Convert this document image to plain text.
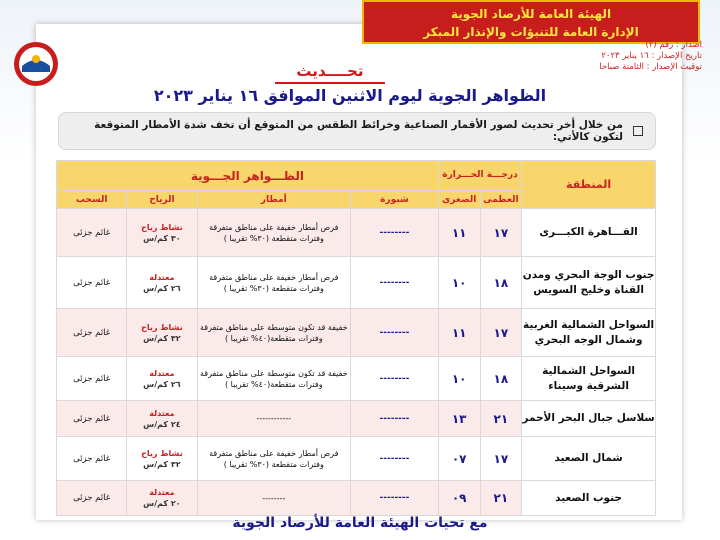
الهيئة العامة للأرصاد الجوية
الإدارة العامة للتنبؤات والإنذار المبكر
اصدار : رقم (٢)
تاريخ الإصدار : ١٦ يناير ٢٠٢٣
توقيت الإصدار : الثامنة صباحا
تحــــديث
الظواهر الجوية ليوم الاثنين الموافق ١٦ يناير ٢٠٢٣
من خلال أخر تحديث لصور الأقمار الصناعية وخرائط الطقس من المتوقع أن تخف شدة الأمطار المتوقعة لتكون كالأتي:
المنطقة	درجـــة الحـــرارة		الظـــواهر الجـــوية			
	العظمى	الصغرى	شبورة	أمطار	الرياح	السحب
القـــاهرة الكبـــرى	١٧	١١	--------	فرص أمطار خفيفة على مناطق متفرقة وفترات متقطعة (٣٠% تقريبا )	نشاط رياح
٣٠ كم/س	غائم جزئى
جنوب الوجة البحري ومدن القناة وخليج السويس	١٨	١٠	--------	فرص أمطار خفيفة على مناطق متفرقة وفترات متقطعة (٣٠% تقريبا )	معتدلة
٢٦ كم/س	غائم جزئى
السواحل الشمالية الغربية وشمال الوجه البحري	١٧	١١	--------	خفيفة قد تكون متوسطة على مناطق متفرقة وفترات متقطعة(٤٠% تقريبا )	نشاط رياح
٣٢ كم/س	غائم جزئى
السواحل الشمالية الشرقية وسيناء	١٨	١٠	--------	خفيفة قد تكون متوسطة على مناطق متفرقة وفترات متقطعة(٤٠% تقريبا )	معتدلة
٢٦ كم/س	غائم جزئى
سلاسل جبال البحر الأحمر	٢١	١٣	--------	------------	معتدلة
٢٤ كم/س	غائم جزئى
شمال الصعيد	١٧	٠٧	--------	فرص أمطار خفيفة على مناطق متفرقة وفترات متقطعة (٣٠% تقريبا )	نشاط رياح
٣٢ كم/س	غائم جزئى
جنوب الصعيد	٢١	٠٩	--------	--------	معتدلة
٢٠ كم/س	غائم جزئى
مع تحيات الهيئة العامة للأرصاد الجوية
